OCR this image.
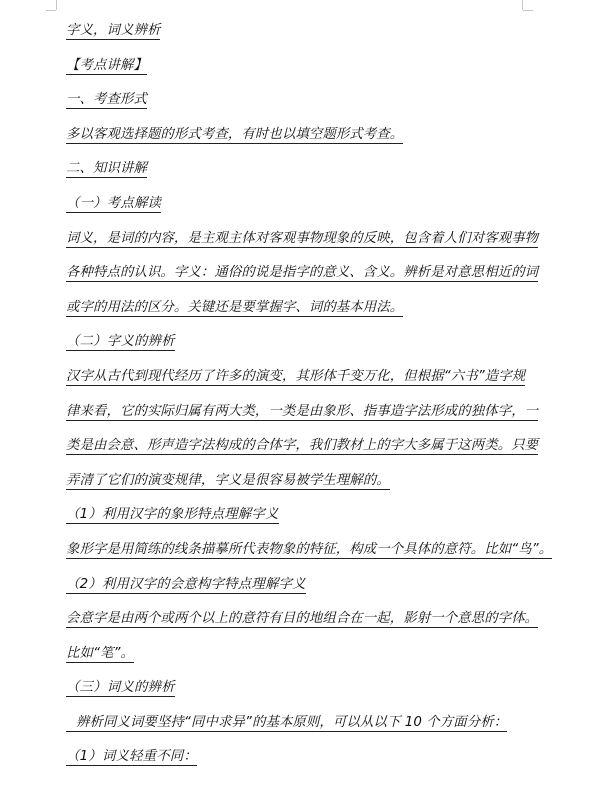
字义，词义辨析
【考点讲解】
一、考查形式
多以客观选择题的形式考查，有时也以填空题形式考查。
二、知识讲解
（一）考点解读
词义，是词的内容，是主观主体对客观事物现象的反映，包含着人们对客观事物
各种特点的认识。字义：通俗的说是指字的意义、含义。辨析是对意思相近的词
或字的用法的区分。关键还是要掌握字、词的基本用法。
（二）字义的辨析
汉字从古代到现代经历了许多的演变，其形体千变万化，但根据“六书”造字规
律来看，它的实际归属有两大类，一类是由象形、指事造字法形成的独体字，一
类是由会意、形声造字法构成的合体字，我们教材上的字大多属于这两类。只要
弄清了它们的演变规律，字义是很容易被学生理解的。
（1）利用汉字的象形特点理解字义
象形字是用简练的线条描摹所代表物象的特征，构成一个具体的意符。比如“鸟”。
（2）利用汉字的会意构字特点理解字义
会意字是由两个或两个以上的意符有目的地组合在一起，影射一个意思的字体。
比如“笔”。
（三）词义的辨析
辨析同义词要坚持“同中求异”的基本原则，可以从以下 10 个方面分析：
（1）词义轻重不同：
